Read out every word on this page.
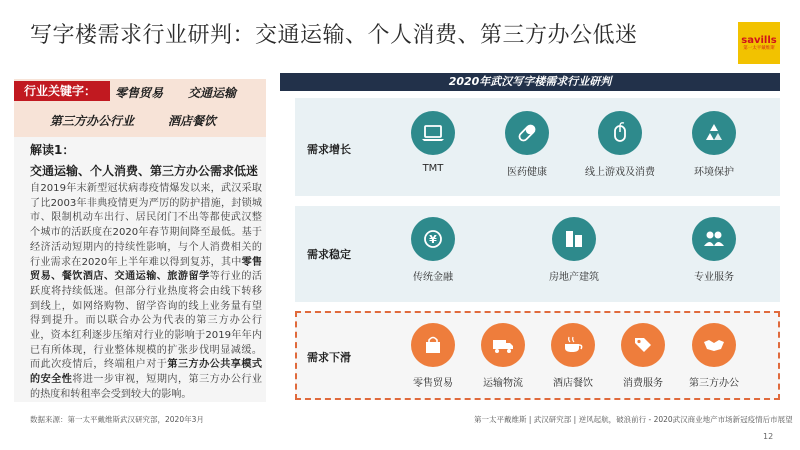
写字楼需求行业研判：交通运输、个人消费、第三方办公低迷	savills
第一太平戴维斯
行业关键字：	零售贸易 交通运输
第三方办公行业	酒店餐饮
解读1：
交通运输、个人消费、第三方办公需求低迷
自2019年末新型冠状病毒疫情爆发以来，武汉采取了比2003年非典疫情更为严厉的防护措施，封锁城市、限制机动车出行、居民闭门不出等都使武汉整个城市的活跃度在2020年春节期间降至最低。基于经济活动短期内的持续性影响，与个人消费相关的行业需求在2020年上半年难以得到复苏，其中零售贸易、餐饮酒店、交通运输、旅游留学等行业的活跃度将持续低迷。但部分行业热度将会由线下转移到线上，如网络购物、留学咨询的线上业务量有望得到提升。而以联合办公为代表的第三方办公行业，资本红利逐步压缩对行业的影响于2019年年内已有所体现，行业整体规模的扩张步伐明显减缓。而此次疫情后，终端租户对于第三方办公共享模式的安全性将进一步审视，短期内，第三方办公行业的热度和转租率会受到较大的影响。
2020年武汉写字楼需求行业研判
需求增长
需求稳定
需求下滑
TMT	医药健康	线上游戏及消费	环境保护
¥
传统金融	房地产建筑	专业服务
零售贸易	运输物流	酒店餐饮	消费服务	第三方办公
数据来源：第一太平戴维斯武汉研究部，2020年3月	第一太平戴维斯 | 武汉研究部 | 逆风起航，破浪前行 - 2020武汉商业地产市场新冠疫情后市展望
12
